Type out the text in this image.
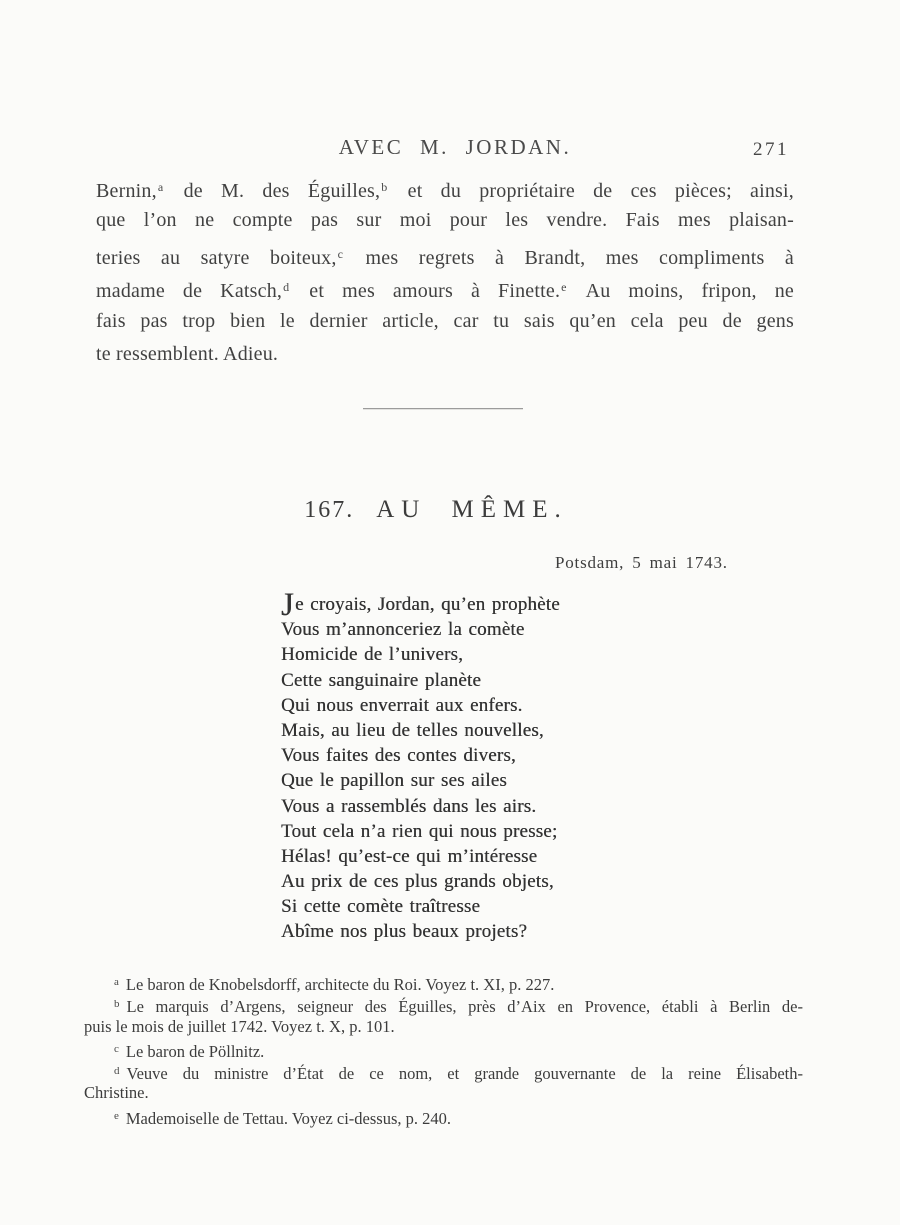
AVEC M. JORDAN.	271
Bernin,$^a$ de M. des Éguilles,$^b$ et du propriétaire de ces pièces; ainsi,
que l’on ne compte pas sur moi pour les vendre. Fais mes plaisan-
teries au satyre boiteux,$^c$ mes regrets à Brandt, mes compliments à
madame de Katsch,$^d$ et mes amours à Finette.$^e$ Au moins, fripon, ne
fais pas trop bien le dernier article, car tu sais qu’en cela peu de gens
te ressemblent. Adieu.
167. AU MÊME.
Potsdam, 5 mai 1743.
Je croyais, Jordan, qu’en prophète
Vous m’annonceriez la comète
Homicide de l’univers,
Cette sanguinaire planète
Qui nous enverrait aux enfers.
Mais, au lieu de telles nouvelles,
Vous faites des contes divers,
Que le papillon sur ses ailes
Vous a rassemblés dans les airs.
Tout cela n’a rien qui nous presse;
Hélas! qu’est-ce qui m’intéresse
Au prix de ces plus grands objets,
Si cette comète traîtresse
Abîme nos plus beaux projets?
$^a$ Le baron de Knobelsdorff, architecte du Roi. Voyez t. XI, p. 227.
$^b$ Le marquis d’Argens, seigneur des Éguilles, près d’Aix en Provence, établi à Berlin de-
puis le mois de juillet 1742. Voyez t. X, p. 101.
$^c$ Le baron de Pöllnitz.
$^d$ Veuve du ministre d’État de ce nom, et grande gouvernante de la reine Élisabeth-
Christine.
$^e$ Mademoiselle de Tettau. Voyez ci-dessus, p. 240.
